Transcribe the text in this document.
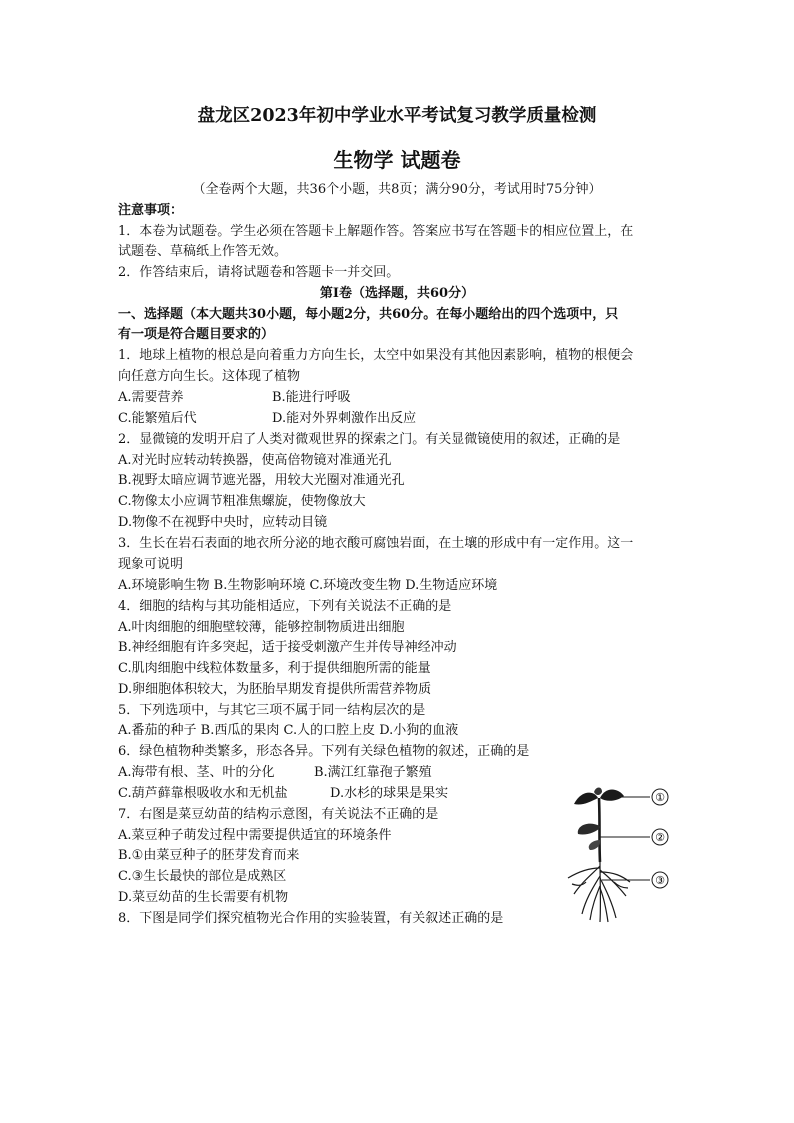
盘龙区2023年初中学业水平考试复习教学质量检测
生物学 试题卷
（全卷两个大题，共36个小题，共8页；满分90分，考试用时75分钟）
注意事项：
1．本卷为试题卷。学生必须在答题卡上解题作答。答案应书写在答题卡的相应位置上，在
试题卷、草稿纸上作答无效。
2．作答结束后，请将试题卷和答题卡一并交回。
第Ⅰ卷（选择题，共60分）
一、选择题（本大题共30小题，每小题2分，共60分。在每小题给出的四个选项中，只
有一项是符合题目要求的）
1．地球上植物的根总是向着重力方向生长，太空中如果没有其他因素影响，植物的根便会
向任意方向生长。这体现了植物
A.需要营养	B.能进行呼吸
C.能繁殖后代	D.能对外界刺激作出反应
2．显微镜的发明开启了人类对微观世界的探索之门。有关显微镜使用的叙述，正确的是
A.对光时应转动转换器，使高倍物镜对准通光孔
B.视野太暗应调节遮光器，用较大光圈对准通光孔
C.物像太小应调节粗准焦螺旋，使物像放大
D.物像不在视野中央时，应转动目镜
3．生长在岩石表面的地衣所分泌的地衣酸可腐蚀岩面，在土壤的形成中有一定作用。这一
现象可说明
A.环境影响生物 B.生物影响环境 C.环境改变生物 D.生物适应环境
4．细胞的结构与其功能相适应，下列有关说法不正确的是
A.叶肉细胞的细胞壁较薄，能够控制物质进出细胞
B.神经细胞有许多突起，适于接受刺激产生并传导神经冲动
C.肌肉细胞中线粒体数量多，利于提供细胞所需的能量
D.卵细胞体积较大，为胚胎早期发育提供所需营养物质
5．下列选项中，与其它三项不属于同一结构层次的是
A.番茄的种子 B.西瓜的果肉 C.人的口腔上皮 D.小狗的血液
6．绿色植物种类繁多，形态各异。下列有关绿色植物的叙述，正确的是
A.海带有根、茎、叶的分化	B.满江红靠孢子繁殖
C.葫芦藓靠根吸收水和无机盐	D.水杉的球果是果实
7．右图是菜豆幼苗的结构示意图，有关说法不正确的是
A.菜豆种子萌发过程中需要提供适宜的环境条件
B.①由菜豆种子的胚芽发育而来
C.③生长最快的部位是成熟区
D.菜豆幼苗的生长需要有机物
8．下图是同学们探究植物光合作用的实验装置，有关叙述正确的是
①
②
③
